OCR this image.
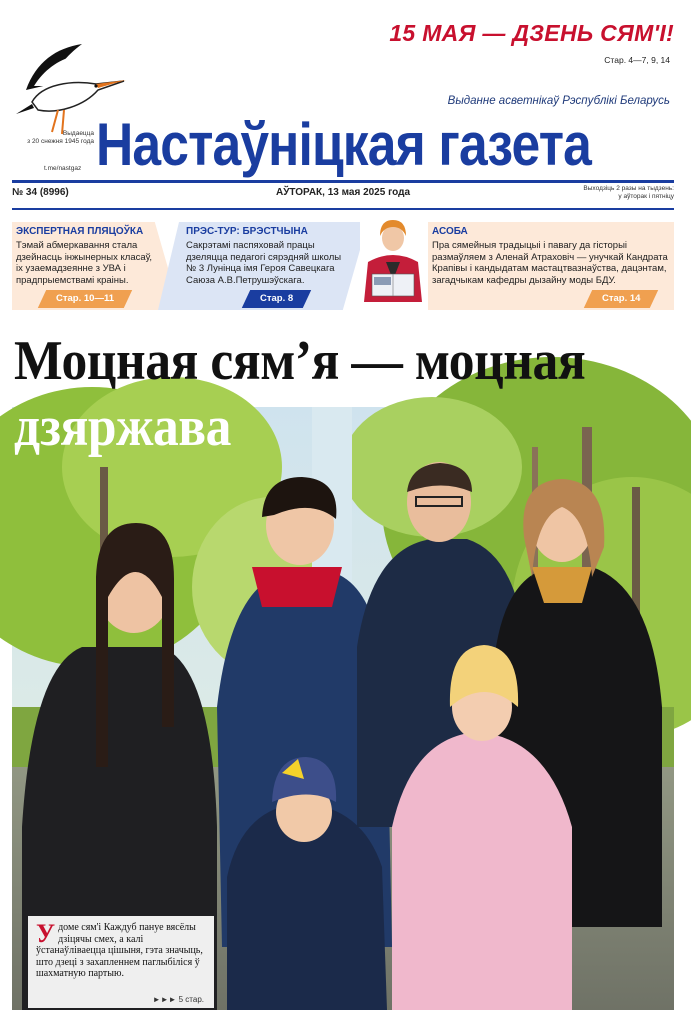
15 МАЯ — ДЗЕНЬ СЯМ'І!
Стар. 4—7, 9, 14
Выдаецца
з 20 снежня 1945 года
t.me/nastgaz
Выданне асветнікаў Рэспублікі Беларусь
Настаўніцкая газета
№ 34 (8996)	АЎТОРАК, 13 мая 2025 года	Выходзіць 2 разы на тыдзень:
у аўторак і пятніцу
ЭКСПЕРТНАЯ ПЛЯЦОЎКА
Тэмай абмеркавання стала дзейнасць інжынерных класаў, іх узаемадзеянне з УВА і прадпрыемствамі краіны.
Стар. 10—11
ПРЭС-ТУР: БРЭСТЧЫНА
Сакрэтамі паспяховай працы дзеляцца педагогі сярэдняй школы № 3 Лунінца імя Героя Савецкага Саюза А.В.Петрушэўскага.
Стар. 8
АСОБА
Пра сямейныя традыцыі і павагу да гісторыі размаўляем з Аленай Атраховіч — унучкай Кандрата Крапівы і кандыдатам мастацтвазнаўства, дацэнтам, загадчыкам кафедры дызайну моды БДУ.
Стар. 14
Фота Алены КАСЬЯН-ПАЎЛЮЧЭНКАЙ.
Моцная сям’я — моцная
дзяржава

Удоме сям'і Каждуб пануе вясёлы дзіцячы смех, а калі ўстанаўліваецца цішыня, гэта значыць, што дзеці з захапленнем паглыбіліся ў шахматную партыю.

►►► 5 стар.
